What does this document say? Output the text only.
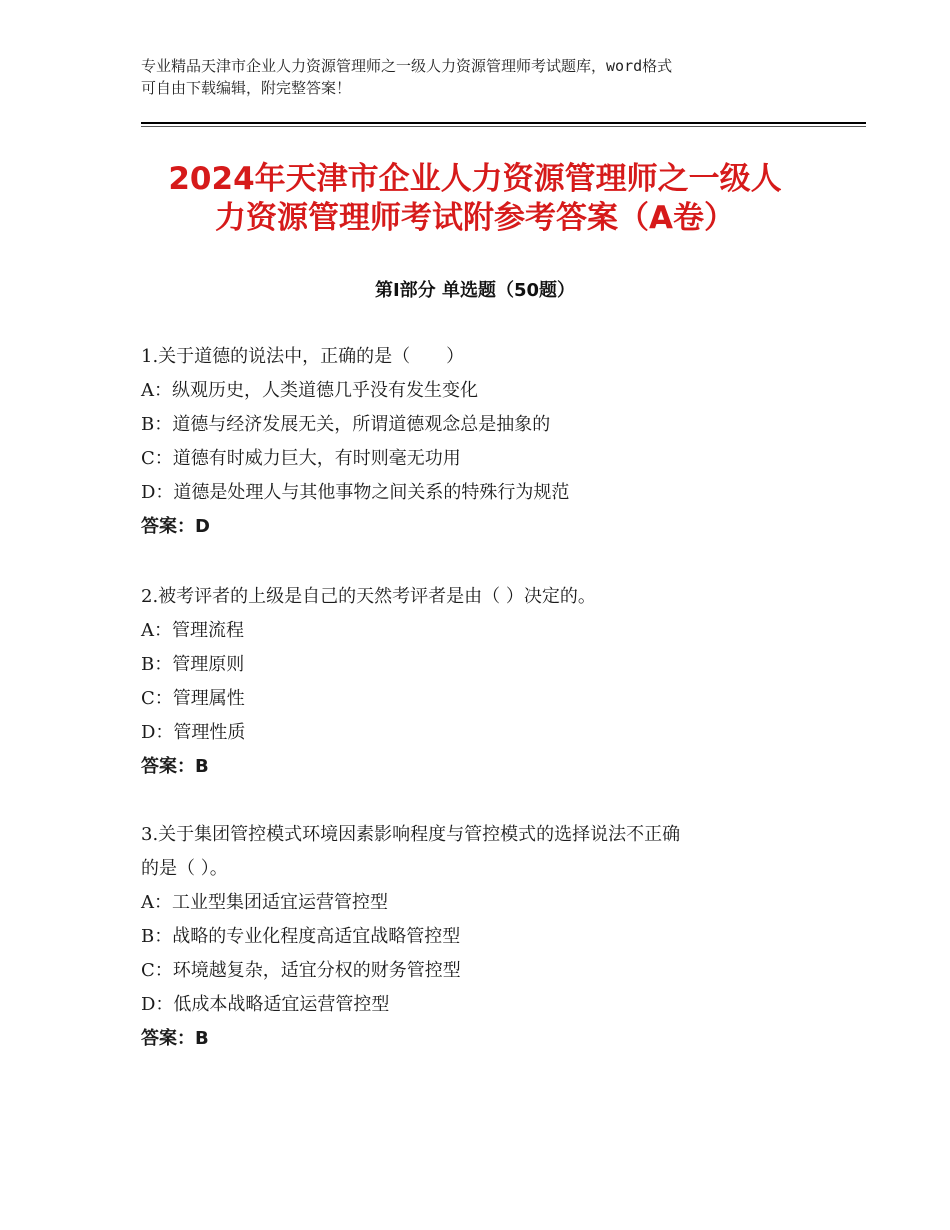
专业精品天津市企业人力资源管理师之一级人力资源管理师考试题库，word格式
可自由下载编辑，附完整答案！
2024年天津市企业人力资源管理师之一级人
力资源管理师考试附参考答案（A卷）
第Ⅰ部分 单选题（50题）
1.关于道德的说法中，正确的是（　　）
A：纵观历史，人类道德几乎没有发生变化
B：道德与经济发展无关，所谓道德观念总是抽象的
C：道德有时威力巨大，有时则毫无功用
D：道德是处理人与其他事物之间关系的特殊行为规范
答案：D
2.被考评者的上级是自己的天然考评者是由（ ）决定的。
A：管理流程
B：管理原则
C：管理属性
D：管理性质
答案：B
3.关于集团管控模式环境因素影响程度与管控模式的选择说法不正确
的是（ ）。
A：工业型集团适宜运营管控型
B：战略的专业化程度高适宜战略管控型
C：环境越复杂，适宜分权的财务管控型
D：低成本战略适宜运营管控型
答案：B
